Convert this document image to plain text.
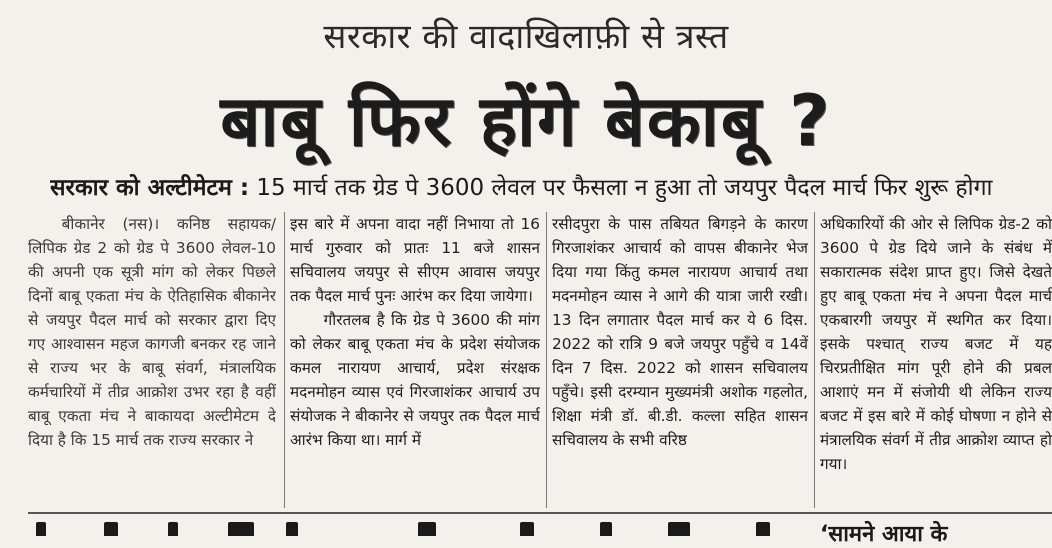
सरकार की वादाखिलाफ़ी से त्रस्त
बाबू फिर होंगे बेकाबू ?
सरकार को अल्टीमेटम : 15 मार्च तक ग्रेड पे 3600 लेवल पर फैसला न हुआ तो जयपुर पैदल मार्च फिर शुरू होगा

बीकानेर (नस)। कनिष्ठ सहायक/लिपिक ग्रेड 2 को ग्रेड पे 3600 लेवल-10 की अपनी एक सूत्री मांग को लेकर पिछले दिनों बाबू एकता मंच के ऐतिहासिक बीकानेर से जयपुर पैदल मार्च को सरकार द्वारा दिए गए आश्वासन महज कागजी बनकर रह जाने से राज्य भर के बाबू संवर्ग, मंत्रालयिक कर्मचारियों में तीव्र आक्रोश उभर रहा है वहीं बाबू एकता मंच ने बाकायदा अल्टीमेटम दे दिया है कि 15 मार्च तक राज्य सरकार ने

इस बारे में अपना वादा नहीं निभाया तो 16 मार्च गुरुवार को प्रातः 11 बजे शासन सचिवालय जयपुर से सीएम आवास जयपुर तक पैदल मार्च पुनः आरंभ कर दिया जायेगा।

गौरतलब है कि ग्रेड पे 3600 की मांग को लेकर बाबू एकता मंच के प्रदेश संयोजक कमल नारायण आचार्य, प्रदेश संरक्षक मदनमोहन व्यास एवं गिरजाशंकर आचार्य उप संयोजक ने बीकानेर से जयपुर तक पैदल मार्च आरंभ किया था। मार्ग में

रसीदपुरा के पास तबियत बिगड़ने के कारण गिरजाशंकर आचार्य को वापस बीकानेर भेज दिया गया किंतु कमल नारायण आचार्य तथा मदनमोहन व्यास ने आगे की यात्रा जारी रखी। 13 दिन लगातार पैदल मार्च कर ये 6 दिस. 2022 को रात्रि 9 बजे जयपुर पहुँचे व 14वें दिन 7 दिस. 2022 को शासन सचिवालय पहुँचे। इसी दरम्यान मुख्यमंत्री अशोक गहलोत, शिक्षा मंत्री डॉ. बी.डी. कल्ला सहित शासन सचिवालय के सभी वरिष्ठ

अधिकारियों की ओर से लिपिक ग्रेड-2 को 3600 पे ग्रेड दिये जाने के संबंध में सकारात्मक संदेश प्राप्त हुए। जिसे देखते हुए बाबू एकता मंच ने अपना पैदल मार्च एकबारगी जयपुर में स्थगित कर दिया। इसके पश्चात् राज्य बजट में यह चिरप्रतीक्षित मांग पूरी होने की प्रबल आशाएं मन में संजोयी थी लेकिन राज्य बजट में इस बारे में कोई घोषणा न होने से मंत्रालयिक संवर्ग में तीव्र आक्रोश व्याप्त हो गया।

‘सामने आया के
